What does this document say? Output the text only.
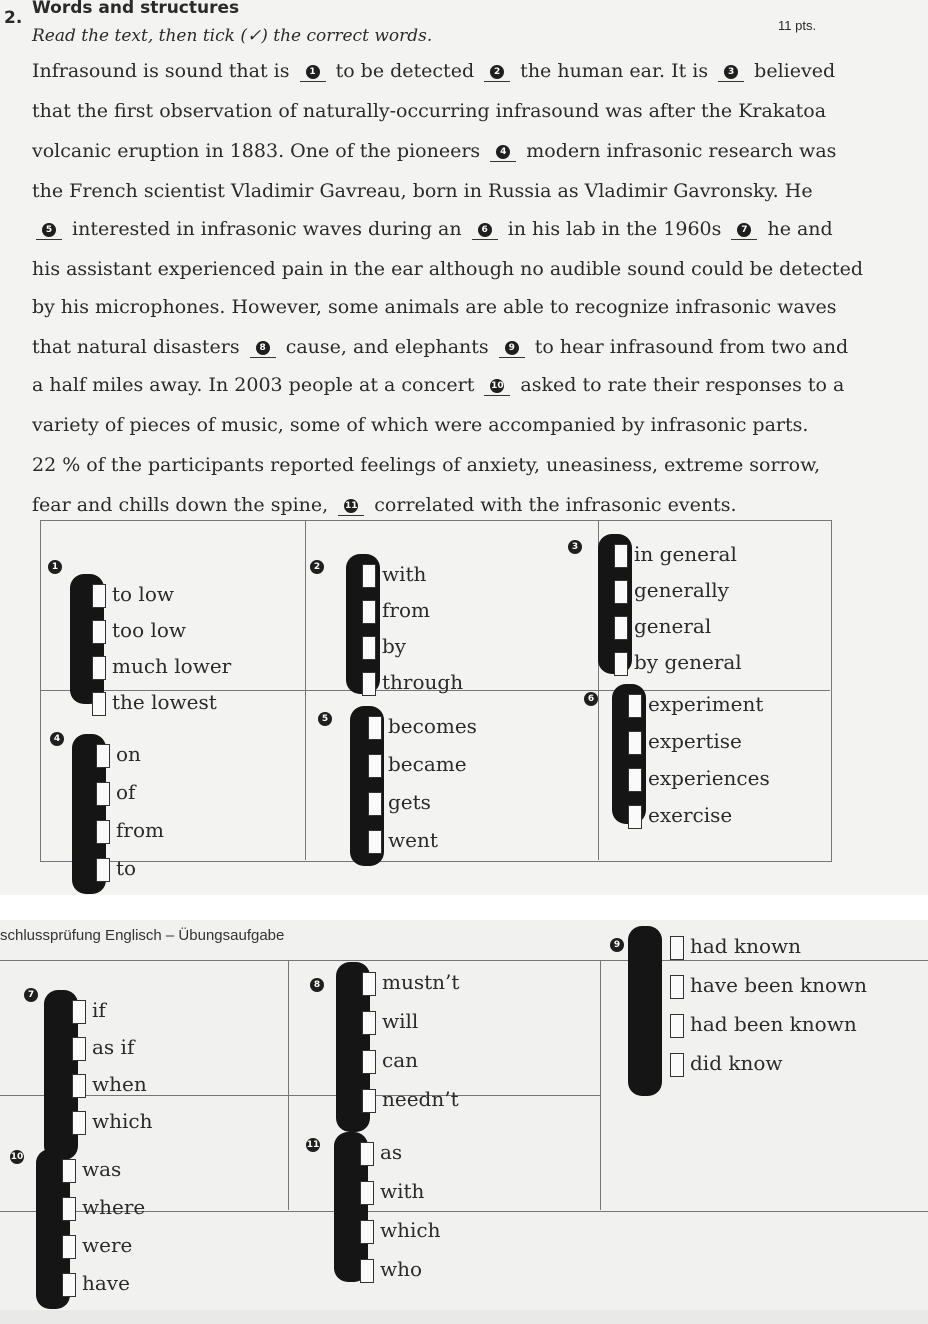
2. Words and structures
Read the text, then tick (✓) the correct words.
11 pts.
Infrasound is sound that is 1 to be detected 2 the human ear. It is 3 believed
that the first observation of naturally-occurring infrasound was after the Krakatoa
volcanic eruption in 1883. One of the pioneers 4 modern infrasonic research was
the French scientist Vladimir Gavreau, born in Russia as Vladimir Gavronsky. He
5 interested in infrasonic waves during an 6 in his lab in the 1960s 7 he and
his assistant experienced pain in the ear although no audible sound could be detected
by his microphones. However, some animals are able to recognize infrasonic waves
that natural disasters 8 cause, and elephants 9 to hear infrasound from two and
a half miles away. In 2003 people at a concert 10 asked to rate their responses to a
variety of pieces of music, some of which were accompanied by infrasonic parts.
22 % of the participants reported feelings of anxiety, uneasiness, extreme sorrow,
fear and chills down the spine, 11 correlated with the infrasonic events.
schlussprüfung Englisch – Übungsaufgabe
1
to low
too low
much lower
the lowest
2	with
from
by
through
3	in general
generally
general
by general
4
on
of
from
to
5	becomes
became
gets
went
6	experiment
expertise
experiences
exercise
7
if
as if
when
which
8	mustn’t
will
can
needn’t
9	had known
have been known
had been known
did know
10	was
where
were
have
11	as
with
which
who
